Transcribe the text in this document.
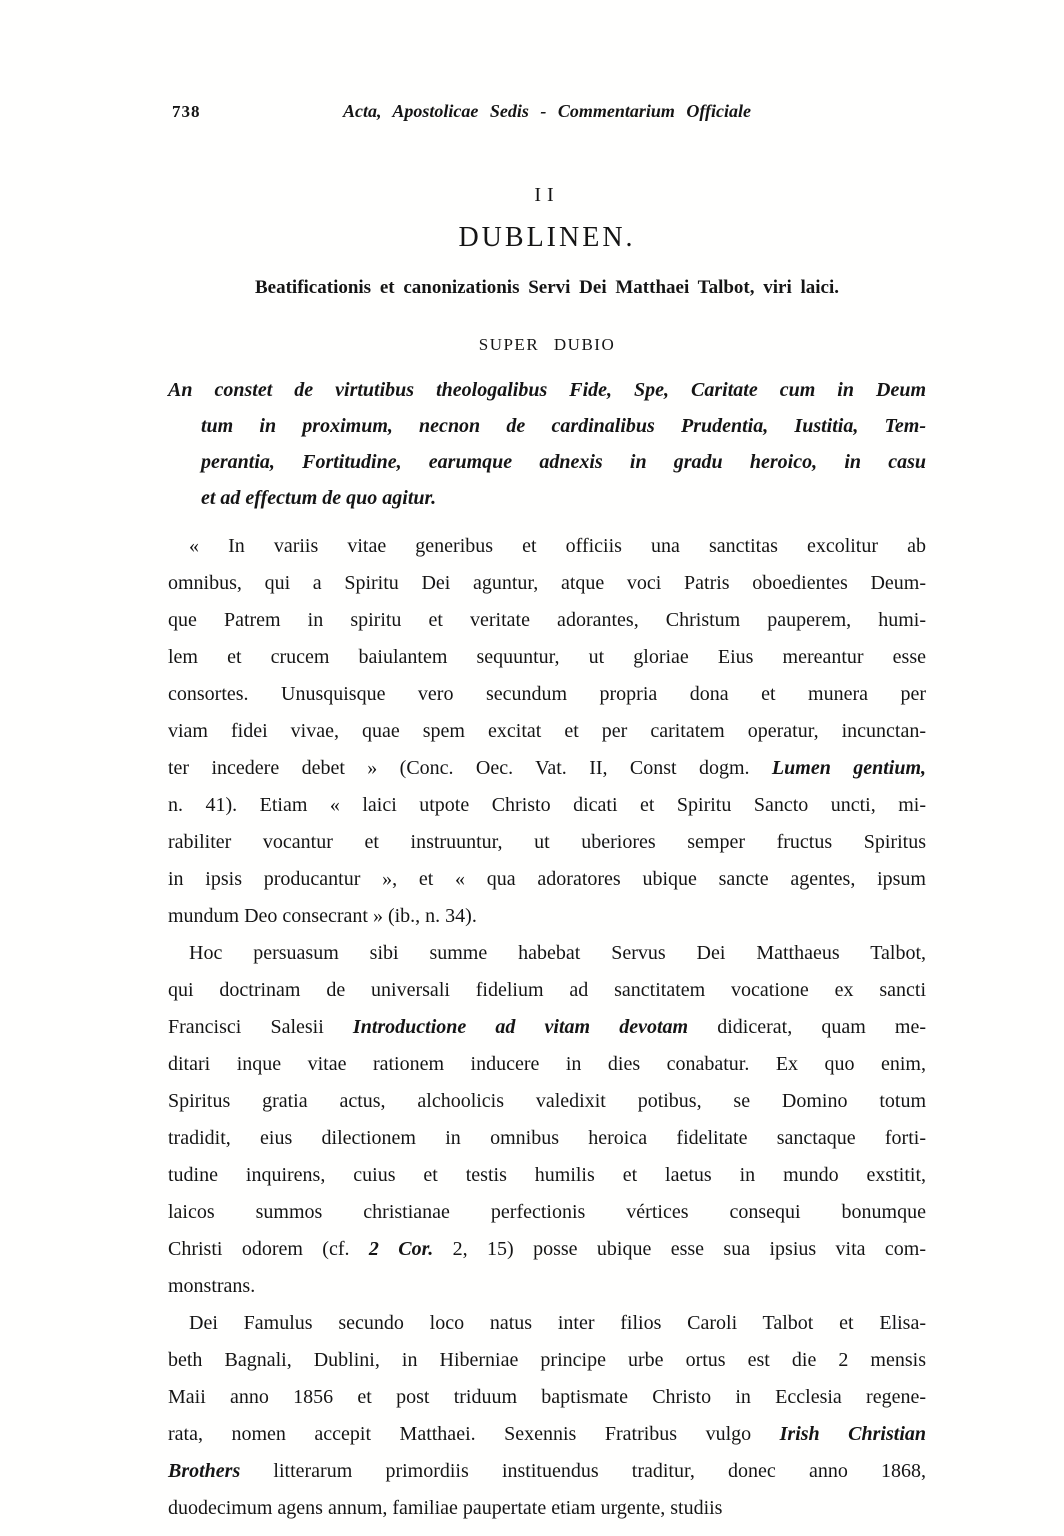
738	Acta, Apostolicae Sedis - Commentarium Officiale
II
DUBLINEN.
Beatificationis et canonizationis Servi Dei Matthaei Talbot, viri laici.
SUPER DUBIO
An constet de virtutibus theologalibus Fide, Spe, Caritate cum in Deum
tum in proximum, necnon de cardinalibus Prudentia, Iustitia, Tem-
perantia, Fortitudine, earumque adnexis in gradu heroico, in casu
et ad effectum de quo agitur.
« In variis vitae generibus et officiis una sanctitas excolitur ab
omnibus, qui a Spiritu Dei aguntur, atque voci Patris oboedientes Deum-
que Patrem in spiritu et veritate adorantes, Christum pauperem, humi-
lem et crucem baiulantem sequuntur, ut gloriae Eius mereantur esse
consortes. Unusquisque vero secundum propria dona et munera per
viam fidei vivae, quae spem excitat et per caritatem operatur, incunctan-
ter incedere debet » (Conc. Oec. Vat. II, Const dogm. Lumen gentium,
n. 41). Etiam « laici utpote Christo dicati et Spiritu Sancto uncti, mi-
rabiliter vocantur et instruuntur, ut uberiores semper fructus Spiritus
in ipsis producantur », et « qua adoratores ubique sancte agentes, ipsum
mundum Deo consecrant » (ib., n. 34).
Hoc persuasum sibi summe habebat Servus Dei Matthaeus Talbot,
qui doctrinam de universali fidelium ad sanctitatem vocatione ex sancti
Francisci Salesii Introductione ad vitam devotam didicerat, quam me-
ditari inque vitae rationem inducere in dies conabatur. Ex quo enim,
Spiritus gratia actus, alchoolicis valedixit potibus, se Domino totum
tradidit, eius dilectionem in omnibus heroica fidelitate sanctaque forti-
tudine inquirens, cuius et testis humilis et laetus in mundo exstitit,
laicos summos christianae perfectionis vértices consequi bonumque
Christi odorem (cf. 2 Cor. 2, 15) posse ubique esse sua ipsius vita com-
monstrans.
Dei Famulus secundo loco natus inter filios Caroli Talbot et Elisa-
beth Bagnali, Dublini, in Hiberniae principe urbe ortus est die 2 mensis
Maii anno 1856 et post triduum baptismate Christo in Ecclesia regene-
rata, nomen accepit Matthaei. Sexennis Fratribus vulgo Irish Christian
Brothers litterarum primordiis instituendus traditur, donec anno 1868,
duodecimum agens annum, familiae paupertate etiam urgente, studiis
